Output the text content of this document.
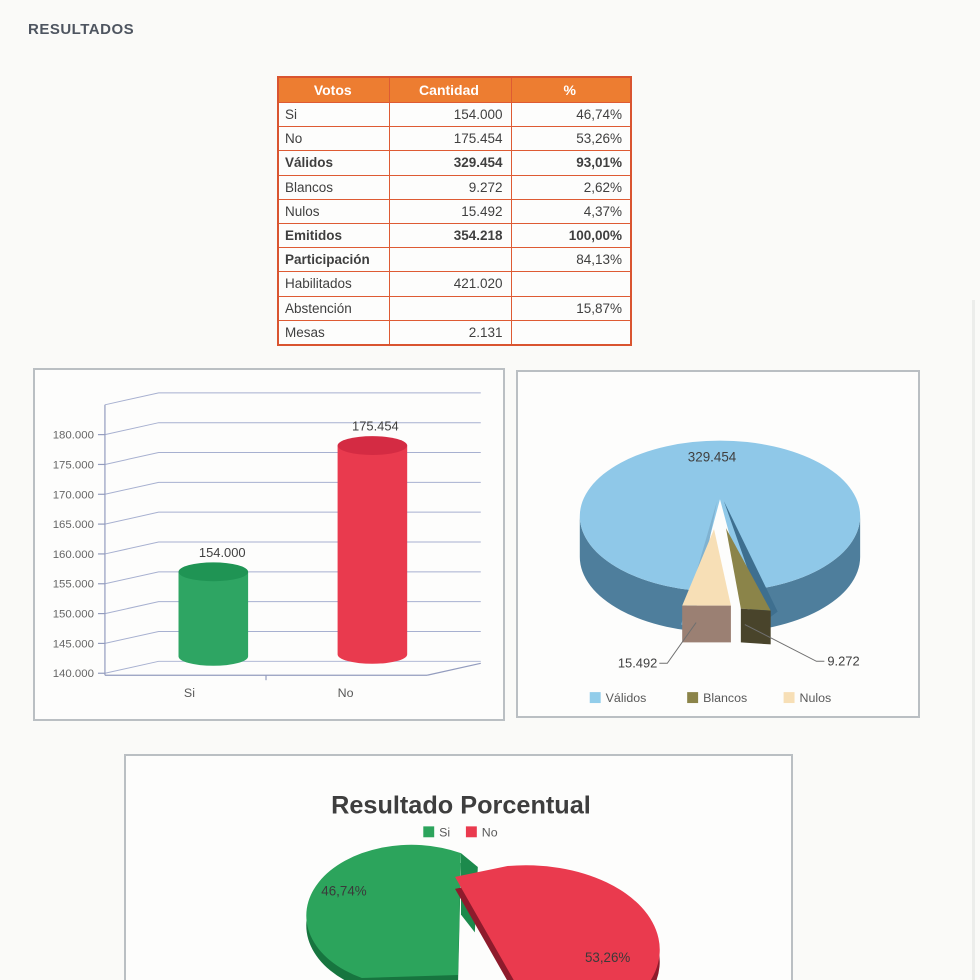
RESULTADOS
Votos	Cantidad	%
Si	154.000	46,74%
No	175.454	53,26%
Válidos	329.454	93,01%
Blancos	9.272	2,62%
Nulos	15.492	4,37%
Emitidos	354.218	100,00%
Participación		84,13%
Habilitados	421.020	
Abstención		15,87%
Mesas	2.131	
180.000
175.000
170.000
165.000
160.000
155.000
150.000
145.000
140.000
154.000
175.454
Si	No
329.454
15.492	9.272
Válidos	Blancos	Nulos
Resultado Porcentual
Si	No
46,74%
53,26%
